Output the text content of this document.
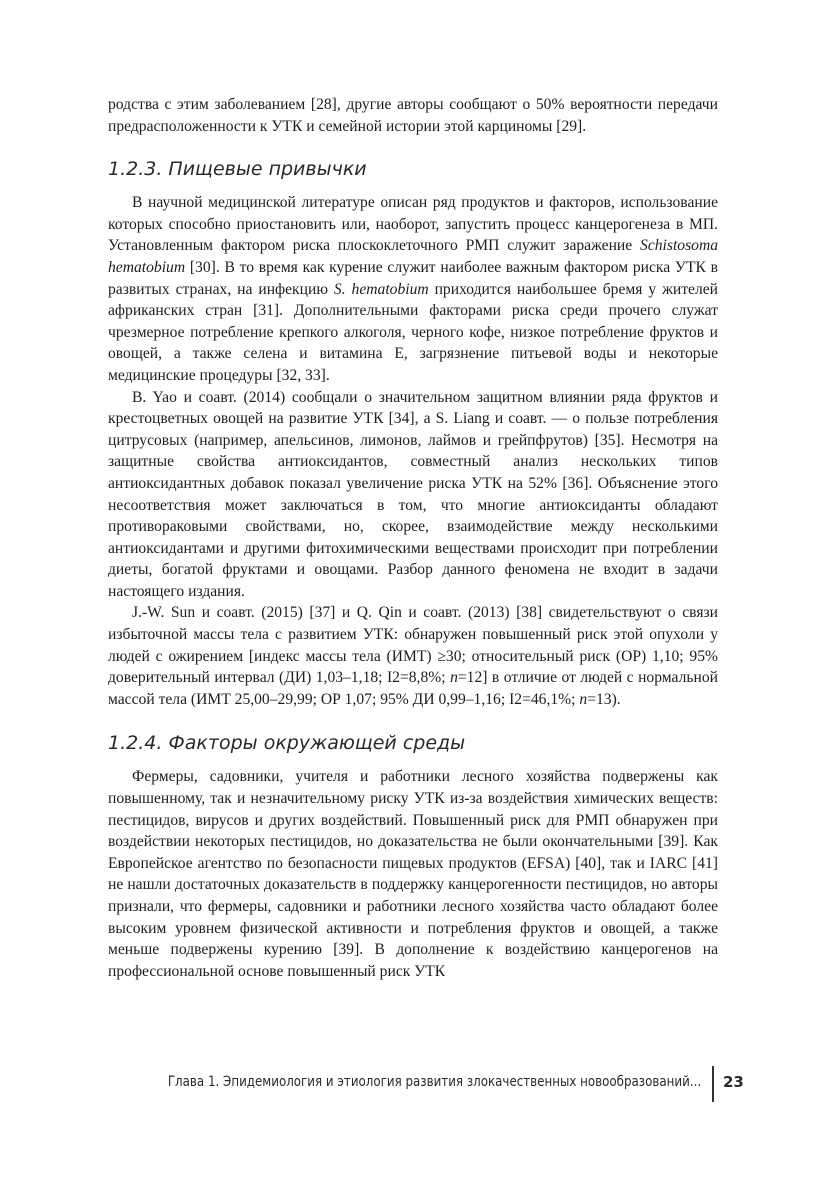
родства с этим заболеванием [28], другие авторы сообщают о 50% вероятности передачи предрасположенности к УТК и семейной истории этой карциномы [29].

1.2.3. Пищевые привычки

В научной медицинской литературе описан ряд продуктов и факторов, использование которых способно приостановить или, наоборот, запустить процесс канцерогенеза в МП. Установленным фактором риска плоскоклеточного РМП служит заражение Schistosoma hematobium [30]. В то время как курение служит наиболее важным фактором риска УТК в развитых странах, на инфекцию S. hematobium приходится наибольшее бремя у жителей африканских стран [31]. Дополнительными факторами риска среди прочего служат чрезмерное потребление крепкого алкоголя, черного кофе, низкое потребление фруктов и овощей, а также селена и витамина Е, загрязнение питьевой воды и некоторые медицинские процедуры [32, 33].

B. Yao и соавт. (2014) сообщали о значительном защитном влиянии ряда фруктов и крестоцветных овощей на развитие УТК [34], а S. Liang и соавт. — о пользе потребления цитрусовых (например, апельсинов, лимонов, лаймов и грейпфрутов) [35]. Несмотря на защитные свойства антиоксидантов, совместный анализ нескольких типов антиоксидантных добавок показал увеличение риска УТК на 52% [36]. Объяснение этого несоответствия может заключаться в том, что многие антиоксиданты обладают противораковыми свойствами, но, скорее, взаимодействие между несколькими антиоксидантами и другими фитохимическими веществами происходит при потреблении диеты, богатой фруктами и овощами. Разбор данного феномена не входит в задачи настоящего издания.

J.-W. Sun и соавт. (2015) [37] и Q. Qin и соавт. (2013) [38] свидетельствуют о связи избыточной массы тела с развитием УТК: обнаружен повышенный риск этой опухоли у людей с ожирением [индекс массы тела (ИМТ) ≥30; относительный риск (ОР) 1,10; 95% доверительный интервал (ДИ) 1,03–1,18; I2=8,8%; n=12] в отличие от людей с нормальной массой тела (ИМТ 25,00–29,99; ОР 1,07; 95% ДИ 0,99–1,16; I2=46,1%; n=13).

1.2.4. Факторы окружающей среды

Фермеры, садовники, учителя и работники лесного хозяйства подвержены как повышенному, так и незначительному риску УТК из-за воздействия химических веществ: пестицидов, вирусов и других воздействий. Повышенный риск для РМП обнаружен при воздействии некоторых пестицидов, но доказательства не были окончательными [39]. Как Европейское агентство по безопасности пищевых продуктов (EFSA) [40], так и IARC [41] не нашли достаточных доказательств в поддержку канцерогенности пестицидов, но авторы признали, что фермеры, садовники и работники лесного хозяйства часто обладают более высоким уровнем физической активности и потребления фруктов и овощей, а также меньше подвержены курению [39]. В дополнение к воздействию канцерогенов на профессиональной основе повышенный риск УТК

Глава 1. Эпидемиология и этиология развития злокачественных новообразований... 23
